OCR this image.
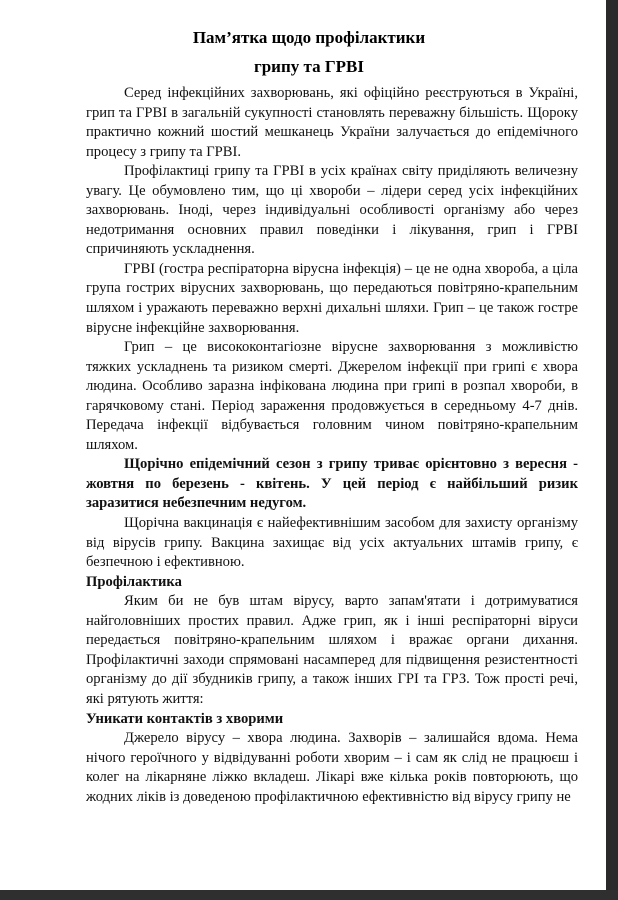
Пам’ятка щодо профілактики
грипу та ГРВІ

Серед інфекційних захворювань, які офіційно реєструються в Україні, грип та ГРВІ в загальній сукупності становлять переважну більшість. Щороку практично кожний шостий мешканець України залучається до епідемічного процесу з грипу та ГРВІ.

Профілактиці грипу та ГРВІ в усіх країнах світу приділяють величезну увагу. Це обумовлено тим, що ці хвороби – лідери серед усіх інфекційних захворювань. Іноді, через індивідуальні особливості організму або через недотримання основних правил поведінки і лікування, грип і ГРВІ спричиняють ускладнення.

ГРВІ (гостра респіраторна вірусна інфекція) – це не одна хвороба, а ціла група гострих вірусних захворювань, що передаються повітряно-крапельним шляхом і уражають переважно верхні дихальні шляхи. Грип – це також гостре вірусне інфекційне захворювання.

Грип – це висококонтагіозне вірусне захворювання з можливістю тяжких ускладнень та ризиком смерті. Джерелом інфекції при грипі є хвора людина. Особливо заразна інфікована людина при грипі в розпал хвороби, в гарячковому стані. Період зараження продовжується в середньому 4-7 днів. Передача інфекції відбувається головним чином повітряно-крапельним шляхом.

Щорічно епідемічний сезон з грипу триває орієнтовно з вересня - жовтня по березень - квітень. У цей період є найбільший ризик заразитися небезпечним недугом.

Щорічна вакцинація є найефективнішим засобом для захисту організму від вірусів грипу. Вакцина захищає від усіх актуальних штамів грипу, є безпечною і ефективною.

Профілактика

Яким би не був штам вірусу, варто запам'ятати і дотримуватися найголовніших простих правил. Адже грип, як і інші респіраторні віруси передається повітряно-крапельним шляхом і вражає органи дихання. Профілактичні заходи спрямовані насамперед для підвищення резистентності організму до дії збудників грипу, а також інших ГРІ та ГРЗ. Тож прості речі, які рятують життя:

Уникати контактів з хворими

Джерело вірусу – хвора людина. Захворів – залишайся вдома. Нема нічого героїчного у відвідуванні роботи хворим – і сам як слід не працюєш і колег на лікарняне ліжко вкладеш. Лікарі вже кілька років повторюють, що жодних ліків із доведеною профілактичною ефективністю від вірусу грипу не
